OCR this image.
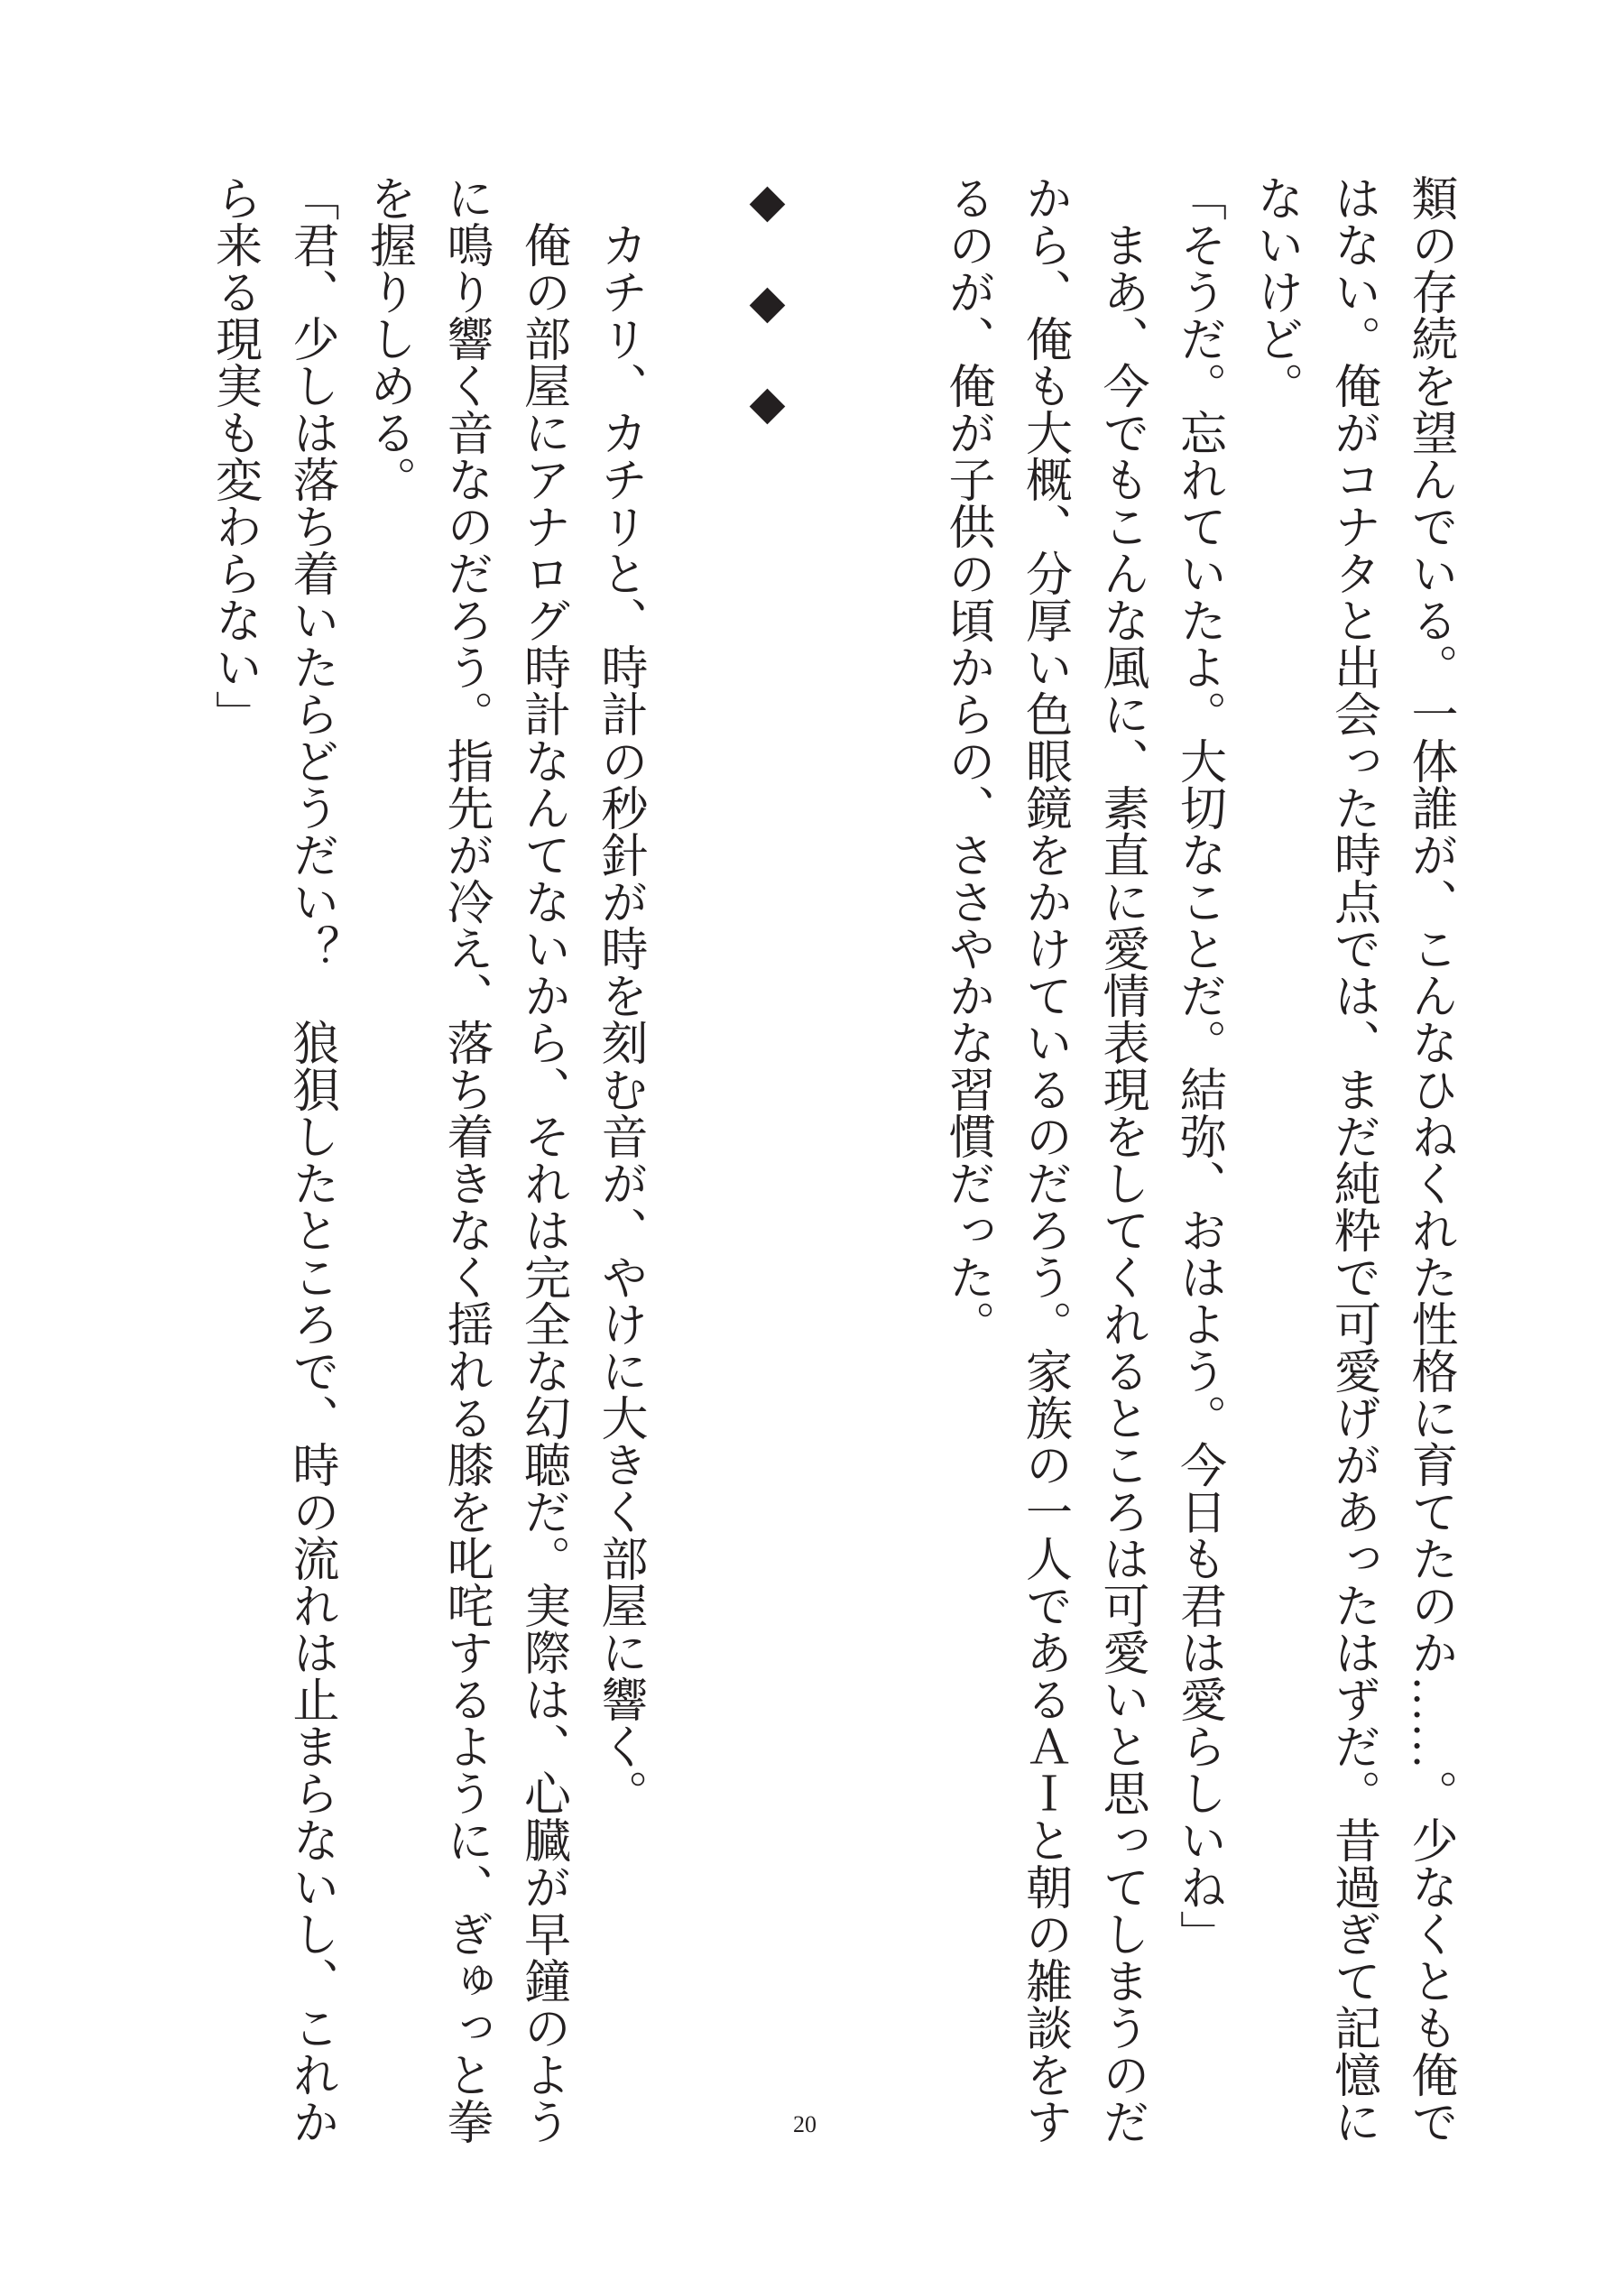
類の存続を望んでいる。一体誰が、こんなひねくれた性格に育てたのか……。少なくとも俺で
はない。俺がコナタと出会った時点では、まだ純粋で可愛げがあったはずだ。昔過ぎて記憶に
ないけど。
「そうだ。忘れていたよ。大切なことだ。結弥、おはよう。今日も君は愛らしいね」
　まあ、今でもこんな風に、素直に愛情表現をしてくれるところは可愛いと思ってしまうのだ
から、俺も大概、分厚い色眼鏡をかけているのだろう。家族の一人であるＡＩと朝の雑談をす
るのが、俺が子供の頃からの、ささやかな習慣だった。
◆　◆　◆
　カチリ、カチリと、時計の秒針が時を刻む音が、やけに大きく部屋に響く。
　俺の部屋にアナログ時計なんてないから、それは完全な幻聴だ。実際は、心臓が早鐘のよう
に鳴り響く音なのだろう。指先が冷え、落ち着きなく揺れる膝を叱咤するように、ぎゅっと拳
を握りしめる。
「君、少しは落ち着いたらどうだい？　狼狽したところで、時の流れは止まらないし、これか
ら来る現実も変わらない」
20
